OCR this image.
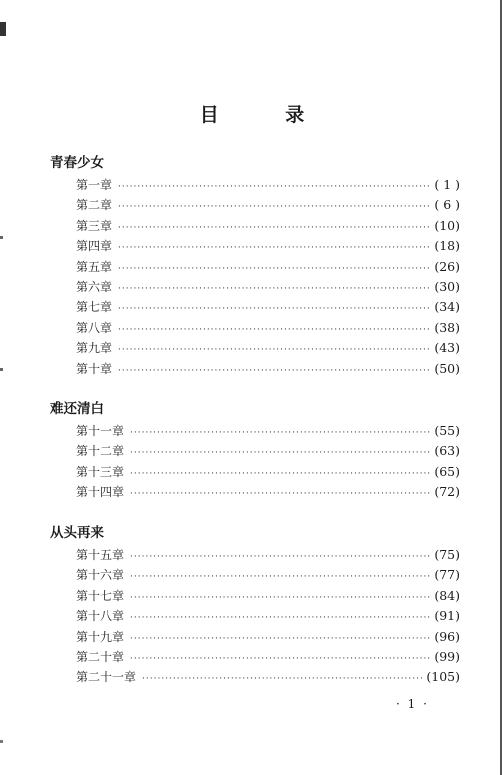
目 录
青春少女
第一章 ·····	( 1 )
第二章 ·····	( 6 )
第三章 ·····	(10)
第四章 ·····	(18)
第五章 ·····	(26)
第六章 ·····	(30)
第七章 ·····	(34)
第八章 ·····	(38)
第九章 ·····	(43)
第十章 ·····	(50)
难还清白
第十一章 ·····	(55)
第十二章 ·····	(63)
第十三章 ·····	(65)
第十四章 ·····	(72)
从头再来
第十五章 ·····	(75)
第十六章 ·····	(77)
第十七章 ·····	(84)
第十八章 ·····	(91)
第十九章 ·····	(96)
第二十章 ·····	(99)
第二十一章 ·····	(105)
· 1 ·
